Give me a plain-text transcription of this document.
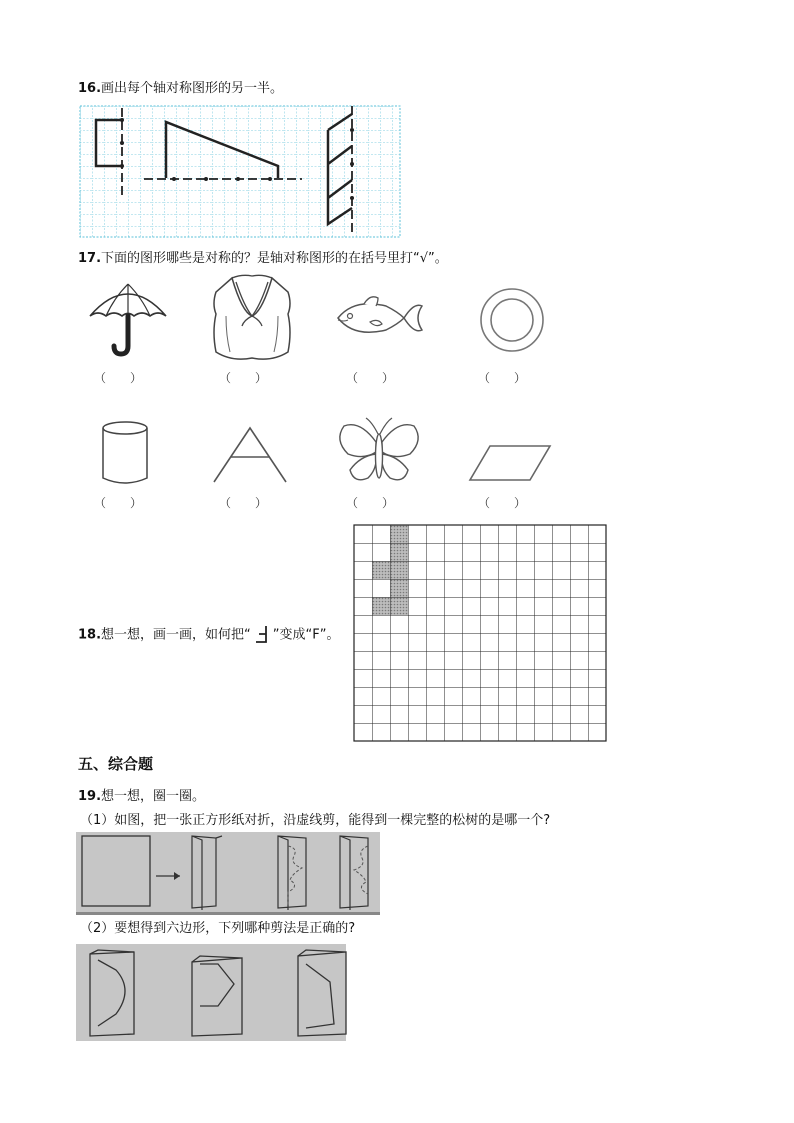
16.画出每个轴对称图形的另一半。
17.下面的图形哪些是对称的？是轴对称图形的在括号里打“√”。
（　　）	（　　）	（　　）	（　　）
（　　）	（　　）	（　　）	（　　）
18.想一想，画一画，如何把“ ”变成“F”。
五、综合题
19.想一想，圈一圈。
（1）如图，把一张正方形纸对折，沿虚线剪，能得到一棵完整的松树的是哪一个?
（2）要想得到六边形，下列哪种剪法是正确的?
